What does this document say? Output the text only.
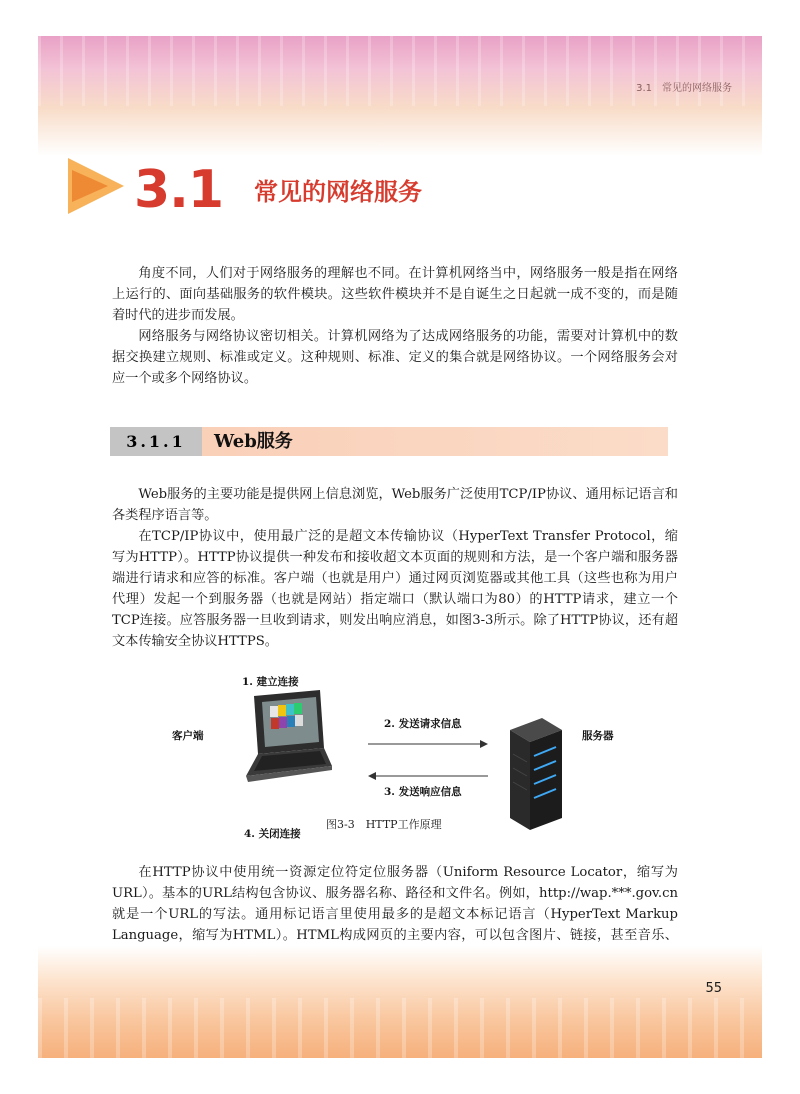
3.1　常见的网络服务
3.1 常见的网络服务

角度不同，人们对于网络服务的理解也不同。在计算机网络当中，网络服务一般是指在网络上运行的、面向基础服务的软件模块。这些软件模块并不是自诞生之日起就一成不变的，而是随着时代的进步而发展。

网络服务与网络协议密切相关。计算机网络为了达成网络服务的功能，需要对计算机中的数据交换建立规则、标准或定义。这种规则、标准、定义的集合就是网络协议。一个网络服务会对应一个或多个网络协议。

3.1.1	Web服务

Web服务的主要功能是提供网上信息浏览，Web服务广泛使用TCP/IP协议、通用标记语言和各类程序语言等。

在TCP/IP协议中，使用最广泛的是超文本传输协议（HyperText Transfer Protocol，缩写为HTTP）。HTTP协议提供一种发布和接收超文本页面的规则和方法，是一个客户端和服务器端进行请求和应答的标准。客户端（也就是用户）通过网页浏览器或其他工具（这些也称为用户代理）发起一个到服务器（也就是网站）指定端口（默认端口为80）的HTTP请求，建立一个TCP连接。应答服务器一旦收到请求，则发出响应消息，如图3-3所示。除了HTTP协议，还有超文本传输安全协议HTTPS。

1. 建立连接
客户端
2. 发送请求信息
服务器
3. 发送响应信息
4. 关闭连接
图3-3　HTTP工作原理

在HTTP协议中使用统一资源定位符定位服务器（Uniform Resource Locator，缩写为URL）。基本的URL结构包含协议、服务器名称、路径和文件名。例如，http://wap.***.gov.cn就是一个URL的写法。通用标记语言里使用最多的是超文本标记语言（HyperText Markup Language，缩写为HTML）。HTML构成网页的主要内容，可以包含图片、链接，甚至音乐、

55
